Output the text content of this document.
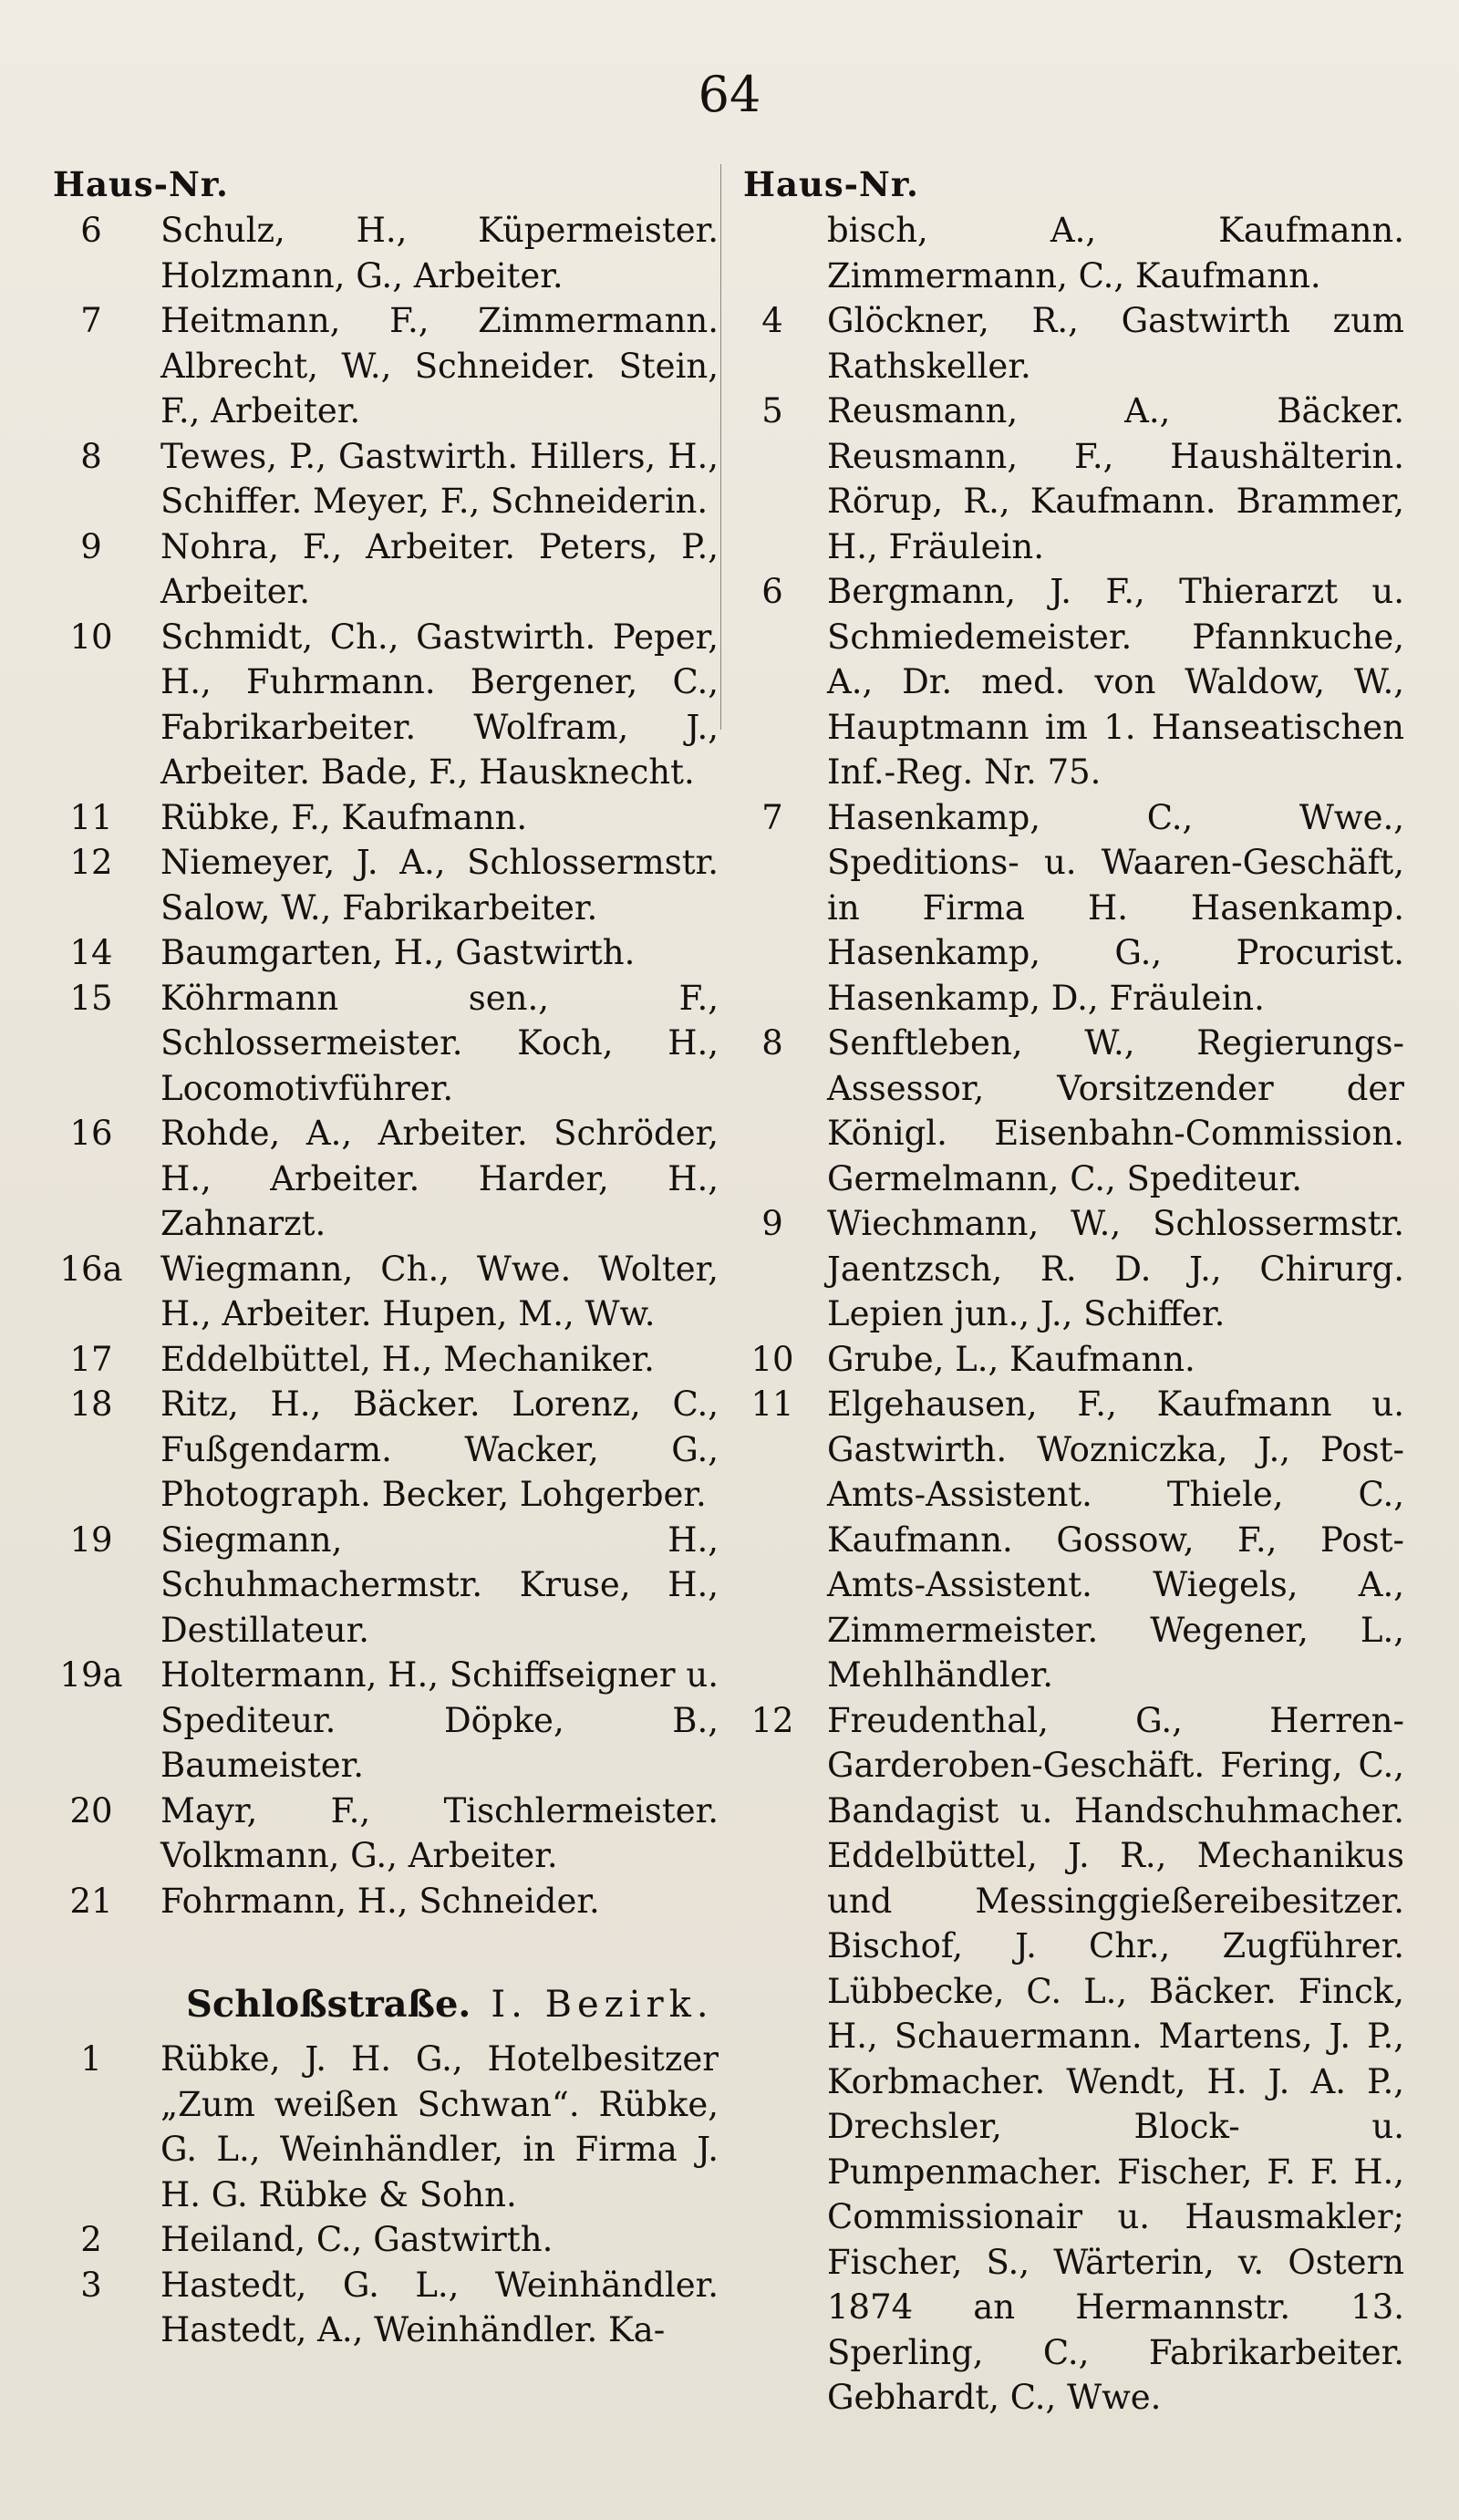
64
Haus-Nr.
6	Schulz, H., Küpermeister. Holzmann, G., Arbeiter.
7	Heitmann, F., Zimmermann. Albrecht, W., Schneider. Stein, F., Arbeiter.
8	Tewes, P., Gastwirth. Hillers, H., Schiffer. Meyer, F., Schneiderin.
9	Nohra, F., Arbeiter. Peters, P., Arbeiter.
10	Schmidt, Ch., Gastwirth. Peper, H., Fuhrmann. Bergener, C., Fabrikarbeiter. Wolfram, J., Arbeiter. Bade, F., Hausknecht.
11	Rübke, F., Kaufmann.
12	Niemeyer, J. A., Schlossermstr. Salow, W., Fabrikarbeiter.
14	Baumgarten, H., Gastwirth.
15	Köhrmann sen., F., Schlossermeister. Koch, H., Locomotivführer.
16	Rohde, A., Arbeiter. Schröder, H., Arbeiter. Harder, H., Zahnarzt.
16a Wiegmann, Ch., Wwe. Wolter, H., Arbeiter. Hupen, M., Ww.
17	Eddelbüttel, H., Mechaniker.
18	Ritz, H., Bäcker. Lorenz, C., Fußgendarm. Wacker, G., Photograph. Becker, Lohgerber.
19	Siegmann, H., Schuhmachermstr. Kruse, H., Destillateur.
19a Holtermann, H., Schiffseigner u. Spediteur. Döpke, B., Baumeister.
20	Mayr, F., Tischlermeister. Volkmann, G., Arbeiter.
21	Fohrmann, H., Schneider.
Schloßstraße. I. Bezirk.
1	Rübke, J. H. G., Hotelbesitzer „Zum weißen Schwan“. Rübke, G. L., Weinhändler, in Firma J. H. G. Rübke & Sohn.
2	Heiland, C., Gastwirth.
3	Hastedt, G. L., Weinhändler. Hastedt, A., Weinhändler. Ka-
Haus-Nr.
bisch, A., Kaufmann. Zimmermann, C., Kaufmann.
4	Glöckner, R., Gastwirth zum Rathskeller.
5	Reusmann, A., Bäcker. Reusmann, F., Haushälterin. Rörup, R., Kaufmann. Brammer, H., Fräulein.
6	Bergmann, J. F., Thierarzt u. Schmiedemeister. Pfannkuche, A., Dr. med. von Waldow, W., Hauptmann im 1. Hanseatischen Inf.-Reg. Nr. 75.
7	Hasenkamp, C., Wwe., Speditions- u. Waaren-Geschäft, in Firma H. Hasenkamp. Hasenkamp, G., Procurist. Hasenkamp, D., Fräulein.
8	Senftleben, W., Regierungs-Assessor, Vorsitzender der Königl. Eisenbahn-Commission. Germelmann, C., Spediteur.
9	Wiechmann, W., Schlossermstr. Jaentzsch, R. D. J., Chirurg. Lepien jun., J., Schiffer.
10 Grube, L., Kaufmann.
11 Elgehausen, F., Kaufmann u. Gastwirth. Wozniczka, J., Post-Amts-Assistent. Thiele, C., Kaufmann. Gossow, F., Post-Amts-Assistent. Wiegels, A., Zimmermeister. Wegener, L., Mehlhändler.
12 Freudenthal, G., Herren-Garderoben-Geschäft. Fering, C., Bandagist u. Handschuhmacher. Eddelbüttel, J. R., Mechanikus und Messinggießereibesitzer. Bischof, J. Chr., Zugführer. Lübbecke, C. L., Bäcker. Finck, H., Schauermann. Martens, J. P., Korbmacher. Wendt, H. J. A. P., Drechsler, Block- u. Pumpenmacher. Fischer, F. F. H., Commissionair u. Hausmakler; Fischer, S., Wärterin, v. Ostern 1874 an Hermannstr. 13. Sperling, C., Fabrikarbeiter. Gebhardt, C., Wwe.
